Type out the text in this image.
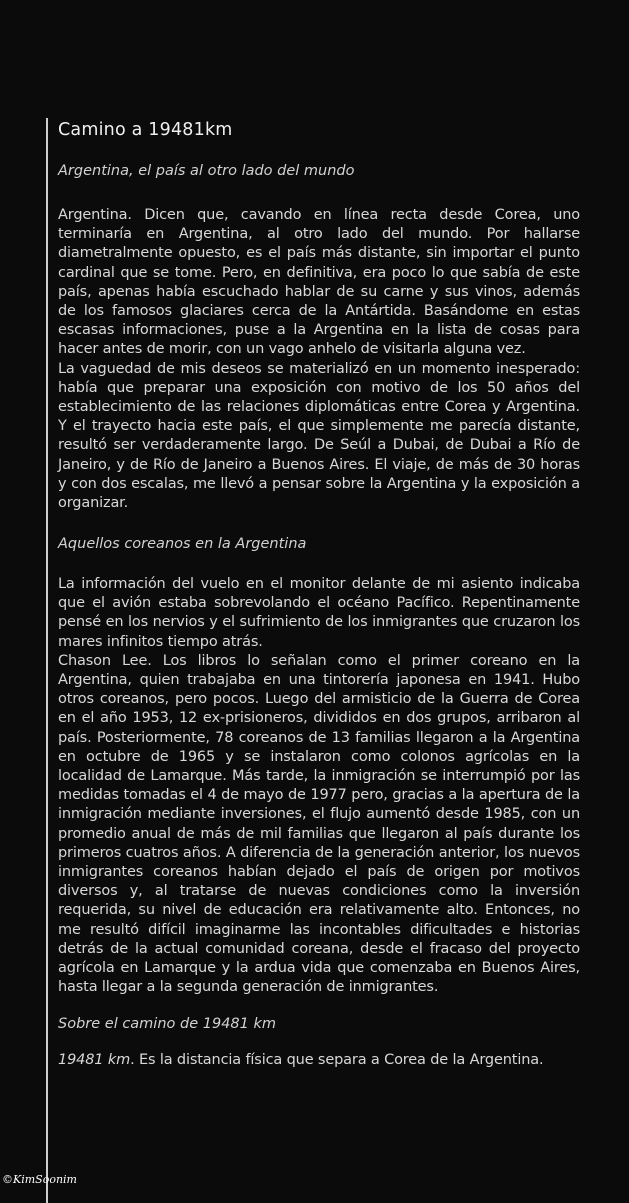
Camino a 19481km
Argentina, el país al otro lado del mundo

Argentina. Dicen que, cavando en línea recta desde Corea, uno terminaría en Argentina, al otro lado del mundo. Por hallarse diametralmente opuesto, es el país más distante, sin importar el punto cardinal que se tome. Pero, en definitiva, era poco lo que sabía de este país, apenas había escuchado hablar de su carne y sus vinos, además de los famosos glaciares cerca de la Antártida. Basándome en estas escasas informaciones, puse a la Argentina en la lista de cosas para hacer antes de morir, con un vago anhelo de visitarla alguna vez.

La vaguedad de mis deseos se materializó en un momento inesperado: había que preparar una exposición con motivo de los 50 años del establecimiento de las relaciones diplomáticas entre Corea y Argentina. Y el trayecto hacia este país, el que simplemente me parecía distante, resultó ser verdaderamente largo. De Seúl a Dubai, de Dubai a Río de Janeiro, y de Río de Janeiro a Buenos Aires. El viaje, de más de 30 horas y con dos escalas, me llevó a pensar sobre la Argentina y la exposición a organizar.

Aquellos coreanos en la Argentina

La información del vuelo en el monitor delante de mi asiento indicaba que el avión estaba sobrevolando el océano Pacífico. Repentinamente pensé en los nervios y el sufrimiento de los inmigrantes que cruzaron los mares infinitos tiempo atrás.

Chason Lee. Los libros lo señalan como el primer coreano en la Argentina, quien trabajaba en una tintorería japonesa en 1941. Hubo otros coreanos, pero pocos. Luego del armisticio de la Guerra de Corea en el año 1953, 12 ex-prisioneros, divididos en dos grupos, arribaron al país. Posteriormente, 78 coreanos de 13 familias llegaron a la Argentina en octubre de 1965 y se instalaron como colonos agrícolas en la localidad de Lamarque. Más tarde, la inmigración se interrumpió por las medidas tomadas el 4 de mayo de 1977 pero, gracias a la apertura de la inmigración mediante inversiones, el flujo aumentó desde 1985, con un promedio anual de más de mil familias que llegaron al país durante los primeros cuatros años. A diferencia de la generación anterior, los nuevos inmigrantes coreanos habían dejado el país de origen por motivos diversos y, al tratarse de nuevas condiciones como la inversión requerida, su nivel de educación era relativamente alto. Entonces, no me resultó difícil imaginarme las incontables dificultades e historias detrás de la actual comunidad coreana, desde el fracaso del proyecto agrícola en Lamarque y la ardua vida que comenzaba en Buenos Aires, hasta llegar a la segunda generación de inmigrantes.

Sobre el camino de 19481 km

19481 km. Es la distancia física que separa a Corea de la Argentina.

©KimSoonim
